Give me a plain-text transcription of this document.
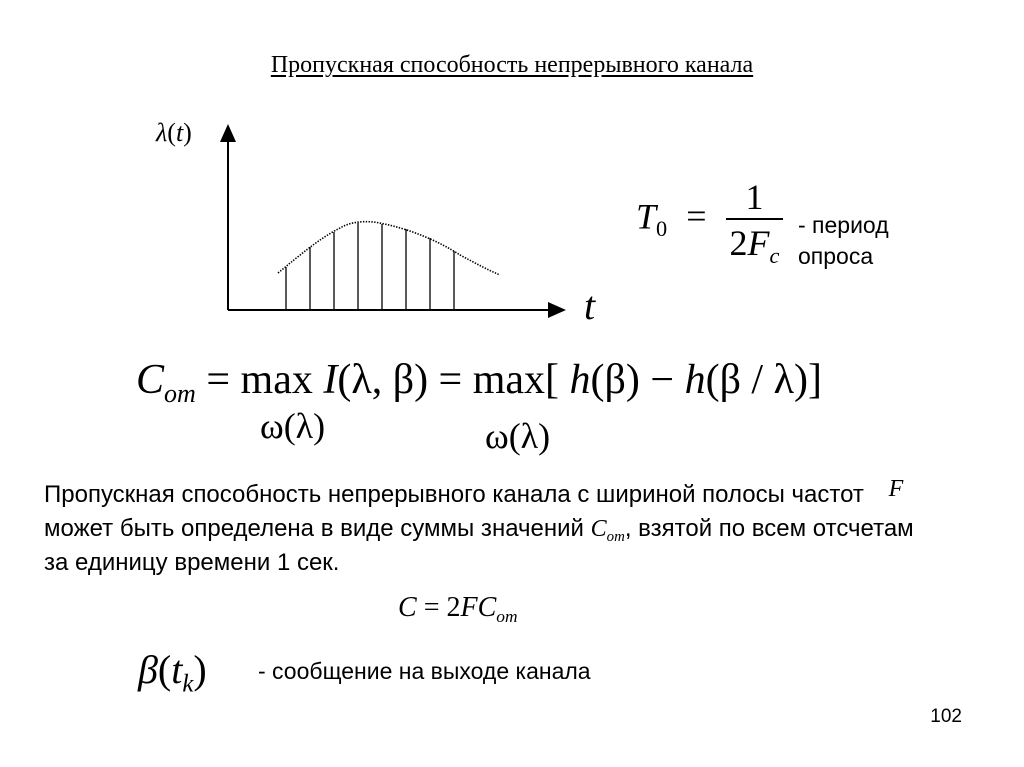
Пропускная способность непрерывного канала
λ(t)
t
$T_0 = \frac{1}{2F_c}$ - период
опроса
$C_{от} = \max I(\lambda$, β) = max[ h(β) − h(β / λ)]
ω(λ)	ω(λ)
Пропускная способность непрерывного канала с шириной полосы частот F
может быть определена в виде суммы значений $C_{от}$, взятой по всем отсчетам
за единицу времени 1 сек.
$C = 2FC_{от}$
$\beta(t_k)$ - сообщение на выходе канала
102
